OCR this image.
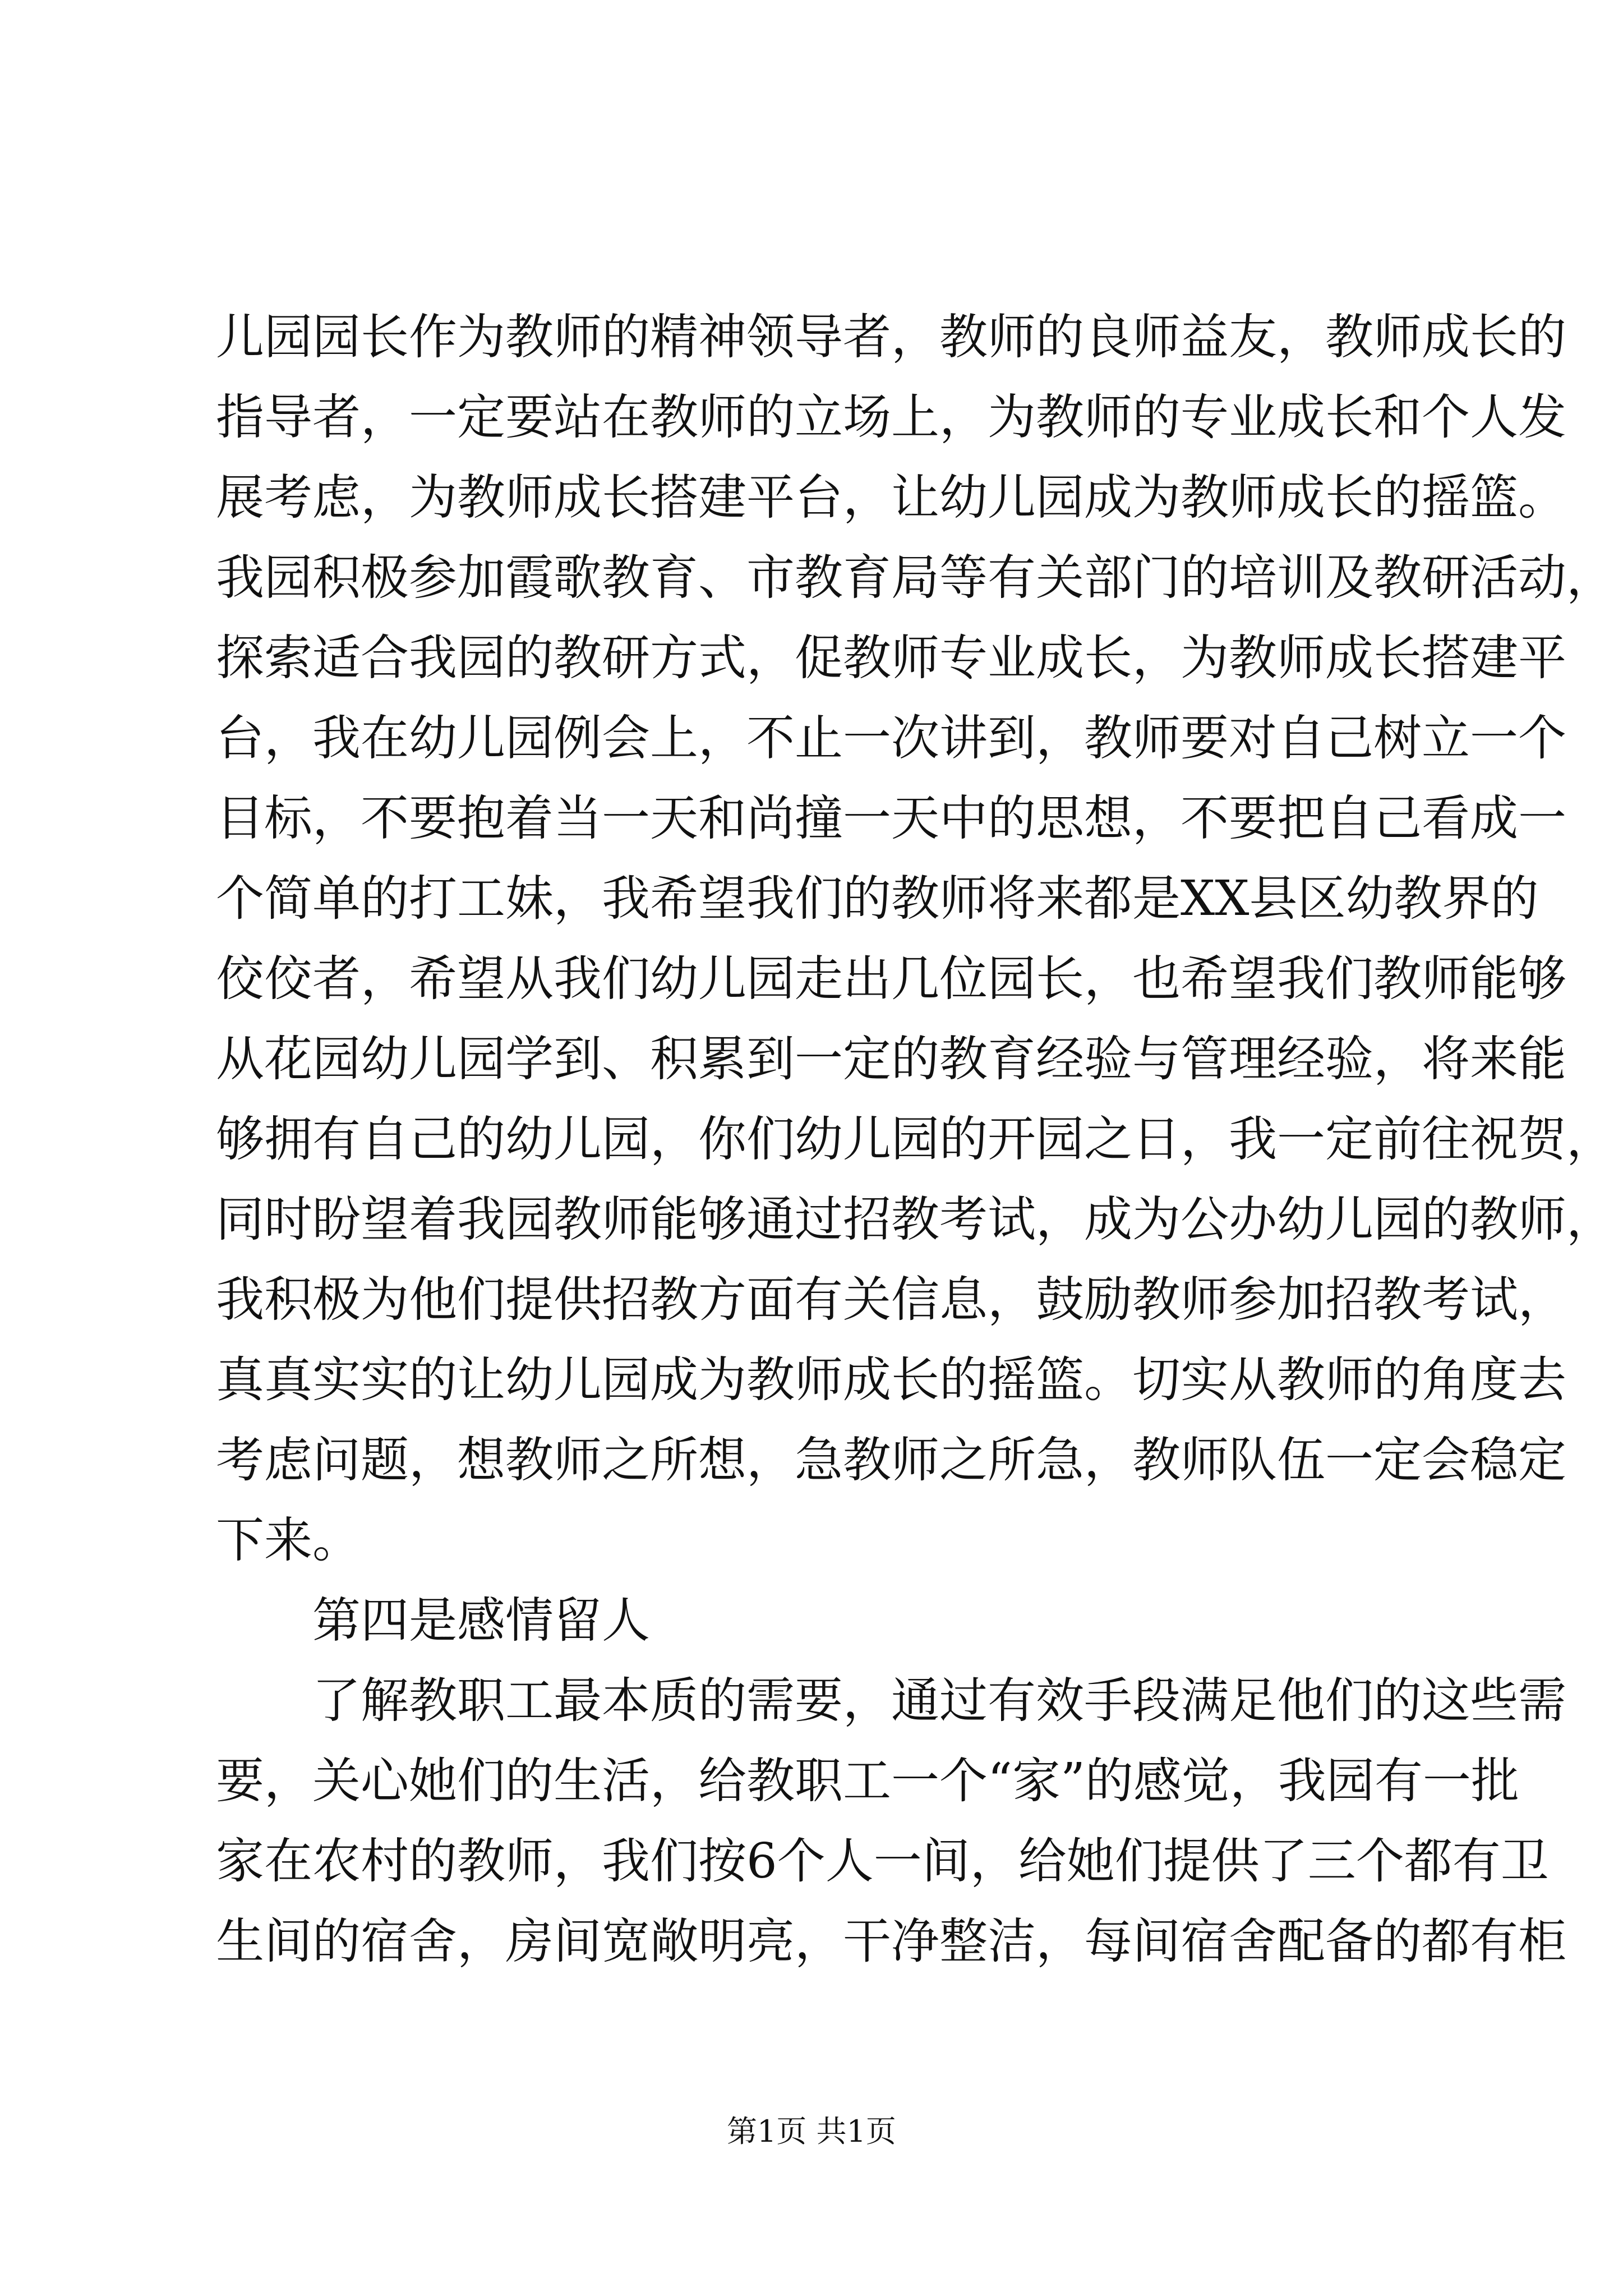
儿园园长作为教师的精神领导者，教师的良师益友，教师成长的
指导者，一定要站在教师的立场上，为教师的专业成长和个人发
展考虑，为教师成长搭建平台，让幼儿园成为教师成长的摇篮。
我园积极参加霞歌教育、市教育局等有关部门的培训及教研活动，
探索适合我园的教研方式，促教师专业成长，为教师成长搭建平
台，我在幼儿园例会上，不止一次讲到，教师要对自己树立一个
目标，不要抱着当一天和尚撞一天中的思想，不要把自己看成一
个简单的打工妹，我希望我们的教师将来都是XX县区幼教界的
佼佼者，希望从我们幼儿园走出几位园长，也希望我们教师能够
从花园幼儿园学到、积累到一定的教育经验与管理经验，将来能
够拥有自己的幼儿园，你们幼儿园的开园之日，我一定前往祝贺，
同时盼望着我园教师能够通过招教考试，成为公办幼儿园的教师，
我积极为他们提供招教方面有关信息，鼓励教师参加招教考试，
真真实实的让幼儿园成为教师成长的摇篮。切实从教师的角度去
考虑问题，想教师之所想，急教师之所急，教师队伍一定会稳定
下来。
第四是感情留人
了解教职工最本质的需要，通过有效手段满足他们的这些需
要，关心她们的生活，给教职工一个“家”的感觉，我园有一批
家在农村的教师，我们按6个人一间，给她们提供了三个都有卫
生间的宿舍，房间宽敞明亮，干净整洁，每间宿舍配备的都有柜
第1页 共1页
